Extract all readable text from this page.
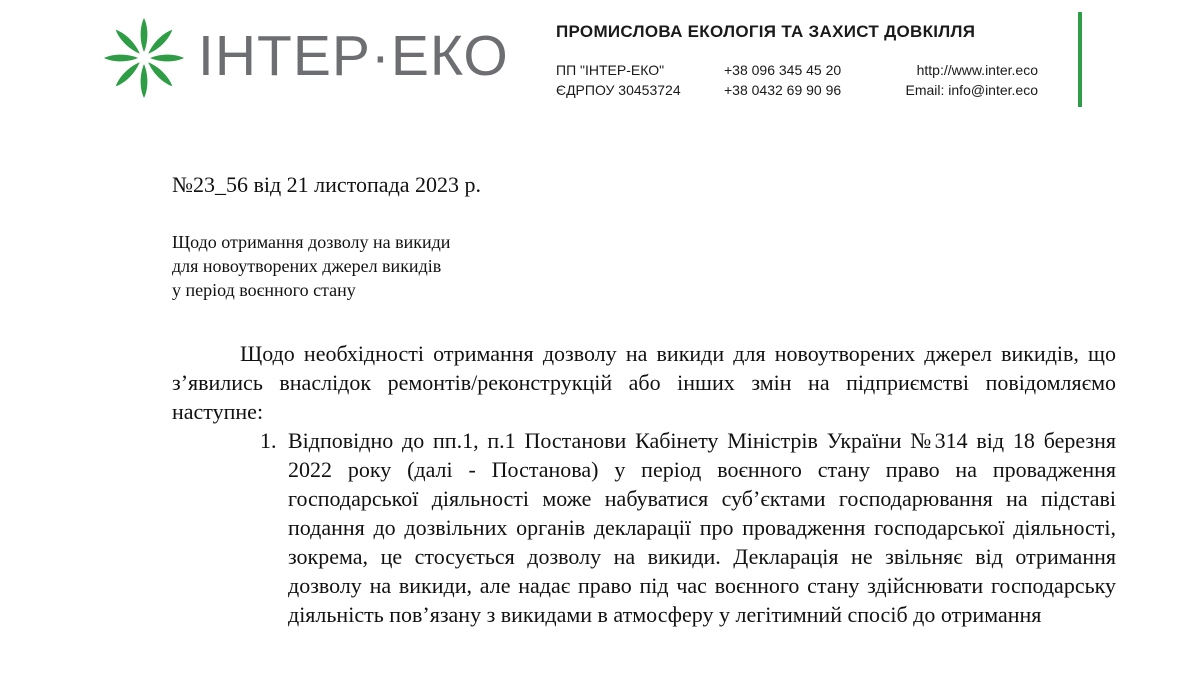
ІНТЕР·ЕКО	ПРОМИСЛОВА ЕКОЛОГІЯ ТА ЗАХИСТ ДОВКІЛЛЯ
ПП "ІНТЕР-ЕКО"
ЄДРПОУ 30453724
+38 096 345 45 20
+38 0432 69 90 96
http://www.inter.eco
Email: info@inter.eco
№23_56 від 21 листопада 2023 р.
Щодо отримання дозволу на викиди
для новоутворених джерел викидів
у період воєнного стану

Щодо необхідності отримання дозволу на викиди для новоутворених джерел викидів, що з’явились внаслідок ремонтів/реконструкцій або інших змін на підприємстві повідомляємо наступне:

1. Відповідно до пп.1, п.1 Постанови Кабінету Міністрів України №314 від 18 березня 2022 року (далі - Постанова) у період воєнного стану право на провадження господарської діяльності може набуватися суб’єктами господарювання на підставі подання до дозвільних органів декларації про провадження господарської діяльності, зокрема, це стосується дозволу на викиди. Декларація не звільняє від отримання дозволу на викиди, але надає право під час воєнного стану здійснювати господарську діяльність пов’язану з викидами в атмосферу у легітимний спосіб до отримання
